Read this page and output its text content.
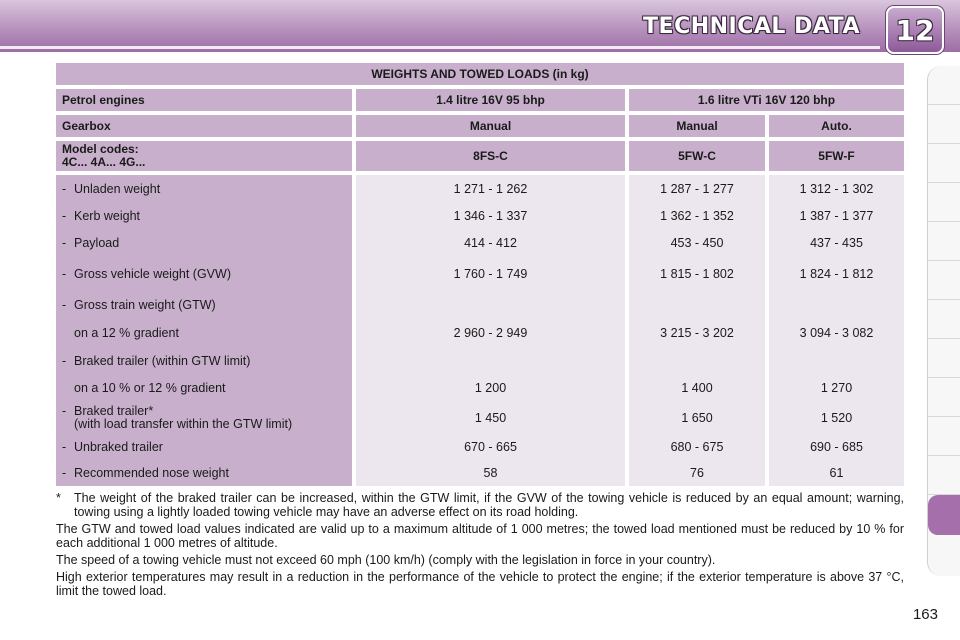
TECHNICAL DATA 12
WEIGHTS AND TOWED LOADS (in kg)			
Petrol engines	1.4 litre 16V 95 bhp	1.6 litre VTi 16V 120 bhp	
Gearbox	Manual	Manual	Auto.

Model codes:
4C... 4A... 4G...	8FS-C	5FW-C	5FW-F
- Unladen weight	1 271 - 1 262	1 287 - 1 277	1 312 - 1 302
- Kerb weight	1 346 - 1 337	1 362 - 1 352	1 387 - 1 377
- Payload	414 - 412	453 - 450	437 - 435
- Gross vehicle weight (GVW)	1 760 - 1 749	1 815 - 1 802	1 824 - 1 812
- Gross train weight (GTW)			
on a 12 % gradient	2 960 - 2 949	3 215 - 3 202	3 094 - 3 082
- Braked trailer (within GTW limit)			
on a 10 % or 12 % gradient	1 200	1 400	1 270

- Braked trailer*
(with load transfer within the GTW limit)	1 450	1 650	1 520
- Unbraked trailer	670 - 665	680 - 675	690 - 685
- Recommended nose weight	58	76	61

*	The weight of the braked trailer can be increased, within the GTW limit, if the GVW of the towing vehicle is reduced by an equal amount; warning, towing using a lightly loaded towing vehicle may have an adverse effect on its road holding.

The GTW and towed load values indicated are valid up to a maximum altitude of 1 000 metres; the towed load mentioned must be reduced by 10 % for each additional 1 000 metres of altitude.

The speed of a towing vehicle must not exceed 60 mph (100 km/h) (comply with the legislation in force in your country).

High exterior temperatures may result in a reduction in the performance of the vehicle to protect the engine; if the exterior temperature is above 37 °C, limit the towed load.

163
